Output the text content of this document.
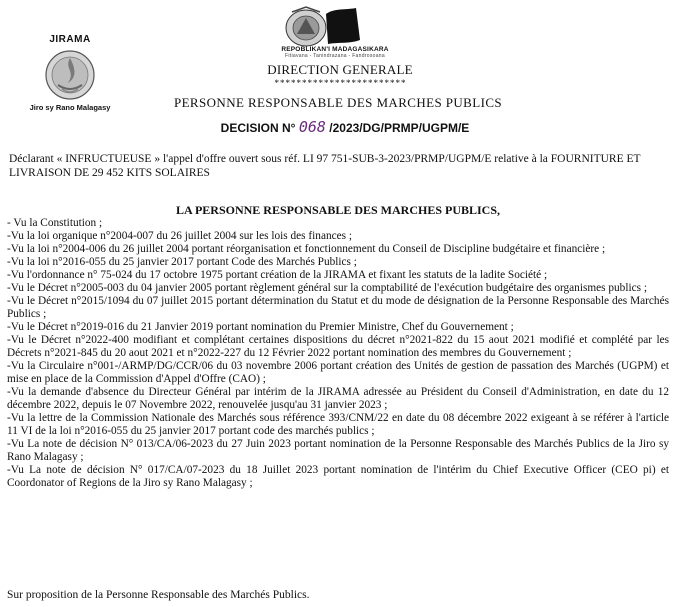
JIRAMA
Jiro sy Rano Malagasy
REPOBLIKAN'I MADAGASIKARA
Fitiavana - Tanindrazana - Fandrosoana
DIRECTION GENERALE
************************
PERSONNE RESPONSABLE DES MARCHES PUBLICS
DECISION N° 068 /2023/DG/PRMP/UGPM/E
Déclarant « INFRUCTUEUSE » l'appel d'offre ouvert sous réf. LI 97 751-SUB-3-2023/PRMP/UGPM/E relative à la FOURNITURE ET LIVRAISON DE 29 452 KITS SOLAIRES
LA PERSONNE RESPONSABLE DES MARCHES PUBLICS,
- Vu la Constitution ;
-Vu la loi organique n°2004-007 du 26 juillet 2004 sur les lois des finances ;
-Vu la loi n°2004-006 du 26 juillet 2004 portant réorganisation et fonctionnement du Conseil de Discipline budgétaire et financière ;
-Vu la loi n°2016-055 du 25 janvier 2017 portant Code des Marchés Publics ;
-Vu l'ordonnance n° 75-024 du 17 octobre 1975 portant création de la JIRAMA et fixant les statuts de la ladite Société ;
-Vu le Décret n°2005-003 du 04 janvier 2005 portant règlement général sur la comptabilité de l'exécution budgétaire des organismes publics ;
-Vu le Décret n°2015/1094 du 07 juillet 2015 portant détermination du Statut et du mode de désignation de la Personne Responsable des Marchés Publics ;
-Vu le Décret n°2019-016 du 21 Janvier 2019 portant nomination du Premier Ministre, Chef du Gouvernement ;
-Vu le Décret n°2022-400 modifiant et complétant certaines dispositions du décret n°2021-822 du 15 aout 2021 modifié et complété par les Décrets n°2021-845 du 20 aout 2021 et n°2022-227 du 12 Février 2022 portant nomination des membres du Gouvernement ;
-Vu la Circulaire n°001-/ARMP/DG/CCR/06 du 03 novembre 2006 portant création des Unités de gestion de passation des Marchés (UGPM) et mise en place de la Commission d'Appel d'Offre (CAO) ;
-Vu la demande d'absence du Directeur Général par intérim de la JIRAMA adressée au Président du Conseil d'Administration, en date du 12 décembre 2022, depuis le 07 Novembre 2022, renouvelée jusqu'au 31 janvier 2023 ;
-Vu la lettre de la Commission Nationale des Marchés sous référence 393/CNM/22 en date du 08 décembre 2022 exigeant à se référer à l'article 11 VI de la loi n°2016-055 du 25 janvier 2017 portant code des marchés publics ;
-Vu La note de décision N° 013/CA/06-2023 du 27 Juin 2023 portant nomination de la Personne Responsable des Marchés Publics de la Jiro sy Rano Malagasy ;
-Vu La note de décision N° 017/CA/07-2023 du 18 Juillet 2023 portant nomination de l'intérim du Chief Executive Officer (CEO pi) et Coordonator of Regions de la Jiro sy Rano Malagasy ;
Sur proposition de la Personne Responsable des Marchés Publics.
